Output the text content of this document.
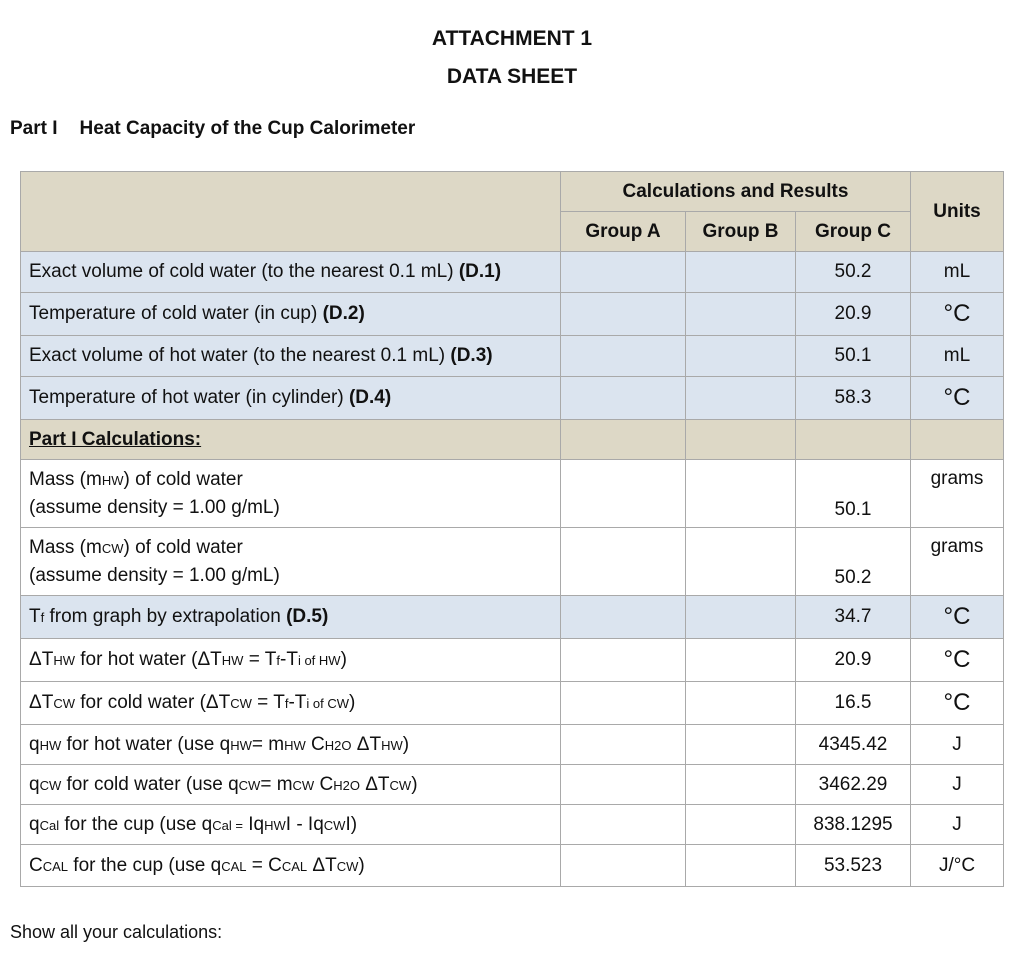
ATTACHMENT 1
DATA SHEET
Part I Heat Capacity of the Cup Calorimeter
	Calculations and Results			Units
	Group A	Group B	Group C	
Exact volume of cold water (to the nearest 0.1 mL) (D.1)			50.2	mL
Temperature of cold water (in cup) (D.2)			20.9	°C
Exact volume of hot water (to the nearest 0.1 mL) (D.3)			50.1	mL
Temperature of hot water (in cylinder) (D.4)			58.3	°C
Part I Calculations:				
Mass (mHW) of cold water
(assume density = 1.00 g/mL)			50.1	grams
Mass (mCW) of cold water
(assume density = 1.00 g/mL)			50.2	grams
Tf from graph by extrapolation (D.5)			34.7	°C
ΔTHW for hot water (ΔTHW = Tf-Ti of HW)			20.9	°C
ΔTCW for cold water (ΔTCW = Tf-Ti of CW)			16.5	°C
qHW for hot water (use qHW= mHW CH2O ΔTHW)			4345.42	J
qCW for cold water (use qCW= mCW CH2O ΔTCW)			3462.29	J
qCal for the cup (use qCal = IqHWI - IqCWI)			838.1295	J
CCAL for the cup (use qCAL = CCAL ΔTCW)			53.523	J/°C
Show all your calculations:
